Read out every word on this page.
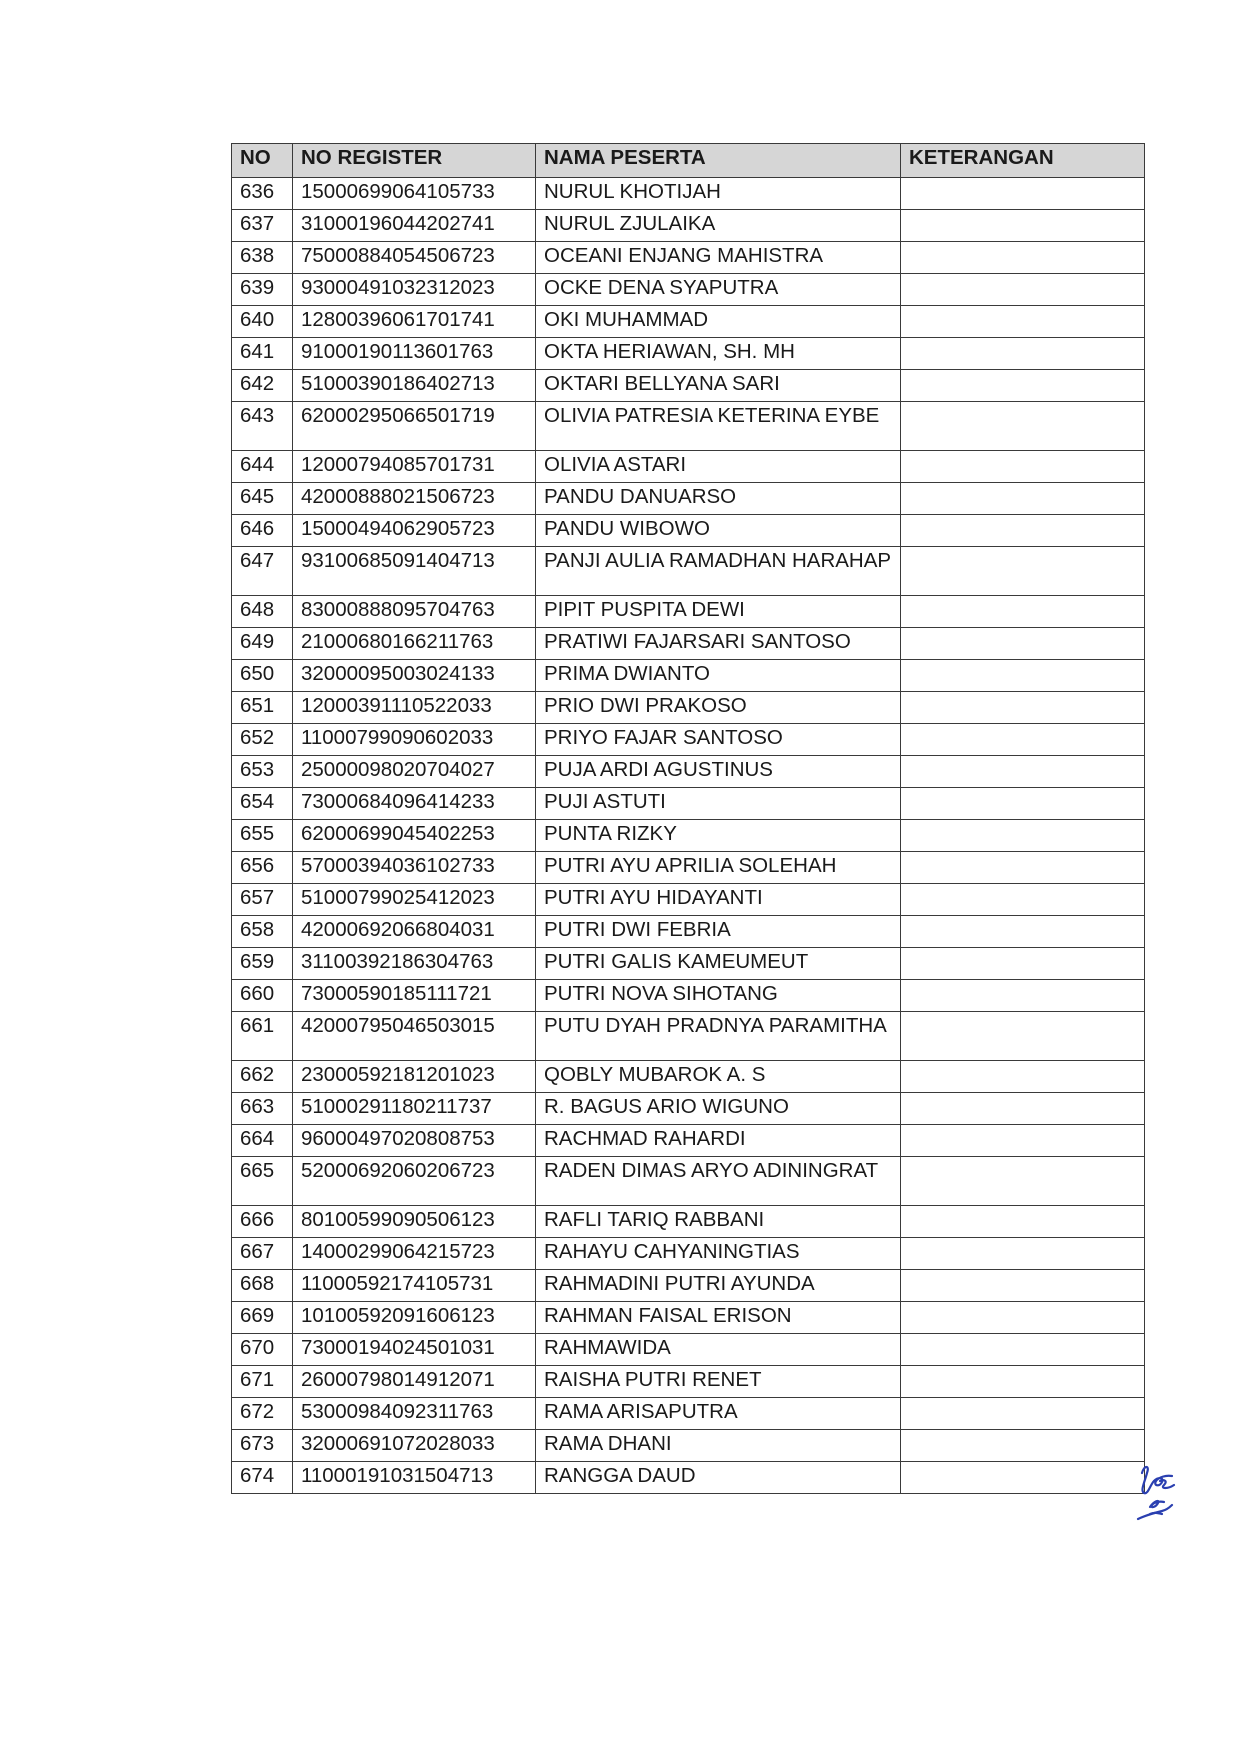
NO	NO REGISTER	NAMA PESERTA	KETERANGAN
636	15000699064105733	NURUL KHOTIJAH	
637	31000196044202741	NURUL ZJULAIKA	
638	75000884054506723	OCEANI ENJANG MAHISTRA	
639	93000491032312023	OCKE DENA SYAPUTRA	
640	12800396061701741	OKI MUHAMMAD	
641	91000190113601763	OKTA HERIAWAN, SH. MH	
642	51000390186402713	OKTARI BELLYANA SARI	
643	62000295066501719	OLIVIA PATRESIA KETERINA EYBE	
644	12000794085701731	OLIVIA ASTARI	
645	42000888021506723	PANDU DANUARSO	
646	15000494062905723	PANDU WIBOWO	
647	93100685091404713	PANJI AULIA RAMADHAN HARAHAP	
648	83000888095704763	PIPIT PUSPITA DEWI	
649	21000680166211763	PRATIWI FAJARSARI SANTOSO	
650	32000095003024133	PRIMA DWIANTO	
651	12000391110522033	PRIO DWI PRAKOSO	
652	11000799090602033	PRIYO FAJAR SANTOSO	
653	25000098020704027	PUJA ARDI AGUSTINUS	
654	73000684096414233	PUJI ASTUTI	
655	62000699045402253	PUNTA RIZKY	
656	57000394036102733	PUTRI AYU APRILIA SOLEHAH	
657	51000799025412023	PUTRI AYU HIDAYANTI	
658	42000692066804031	PUTRI DWI FEBRIA	
659	31100392186304763	PUTRI GALIS KAMEUMEUT	
660	73000590185111721	PUTRI NOVA SIHOTANG	
661	42000795046503015	PUTU DYAH PRADNYA PARAMITHA	
662	23000592181201023	QOBLY MUBAROK A. S	
663	51000291180211737	R. BAGUS ARIO WIGUNO	
664	96000497020808753	RACHMAD RAHARDI	
665	52000692060206723	RADEN DIMAS ARYO ADININGRAT	
666	80100599090506123	RAFLI TARIQ RABBANI	
667	14000299064215723	RAHAYU CAHYANINGTIAS	
668	11000592174105731	RAHMADINI PUTRI AYUNDA	
669	10100592091606123	RAHMAN FAISAL ERISON	
670	73000194024501031	RAHMAWIDA	
671	26000798014912071	RAISHA PUTRI RENET	
672	53000984092311763	RAMA ARISAPUTRA	
673	32000691072028033	RAMA DHANI	
674	11000191031504713	RANGGA DAUD	
